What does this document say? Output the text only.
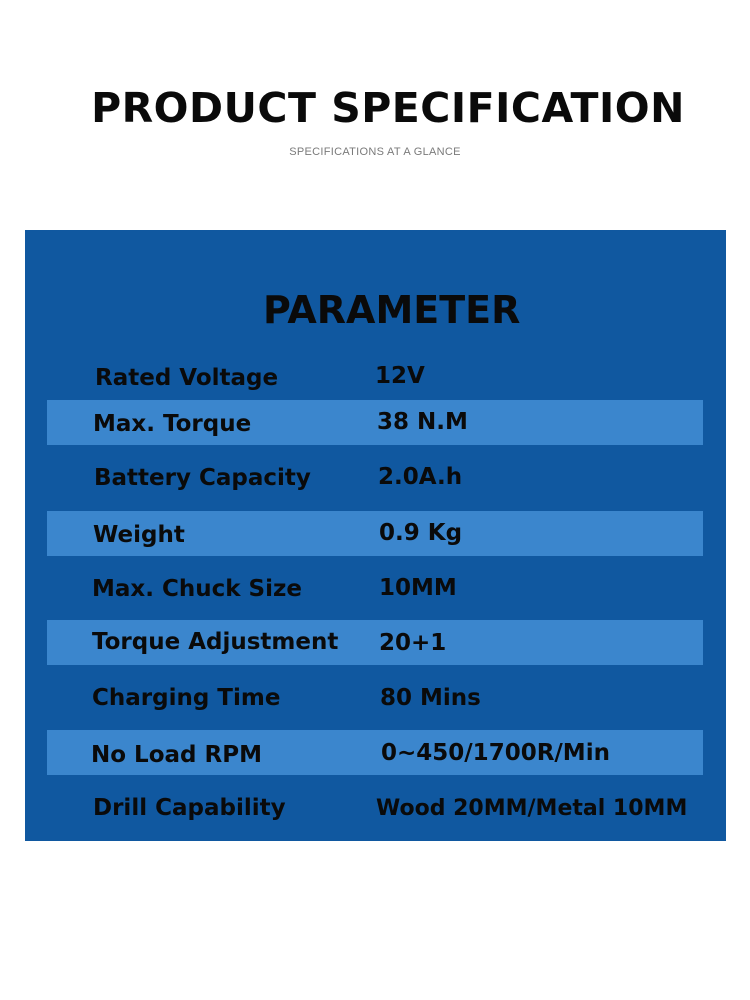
PRODUCT SPECIFICATION
SPECIFICATIONS AT A GLANCE
PARAMETER
Rated Voltage	12V
Max. Torque	38 N.M
Battery Capacity	2.0A.h
Weight	0.9 Kg
Max. Chuck Size	10MM
Torque Adjustment 20+1
Charging Time	80 Mins
No Load RPM	0~450/1700R/Min
Drill Capability	Wood 20MM/Metal 10MM
